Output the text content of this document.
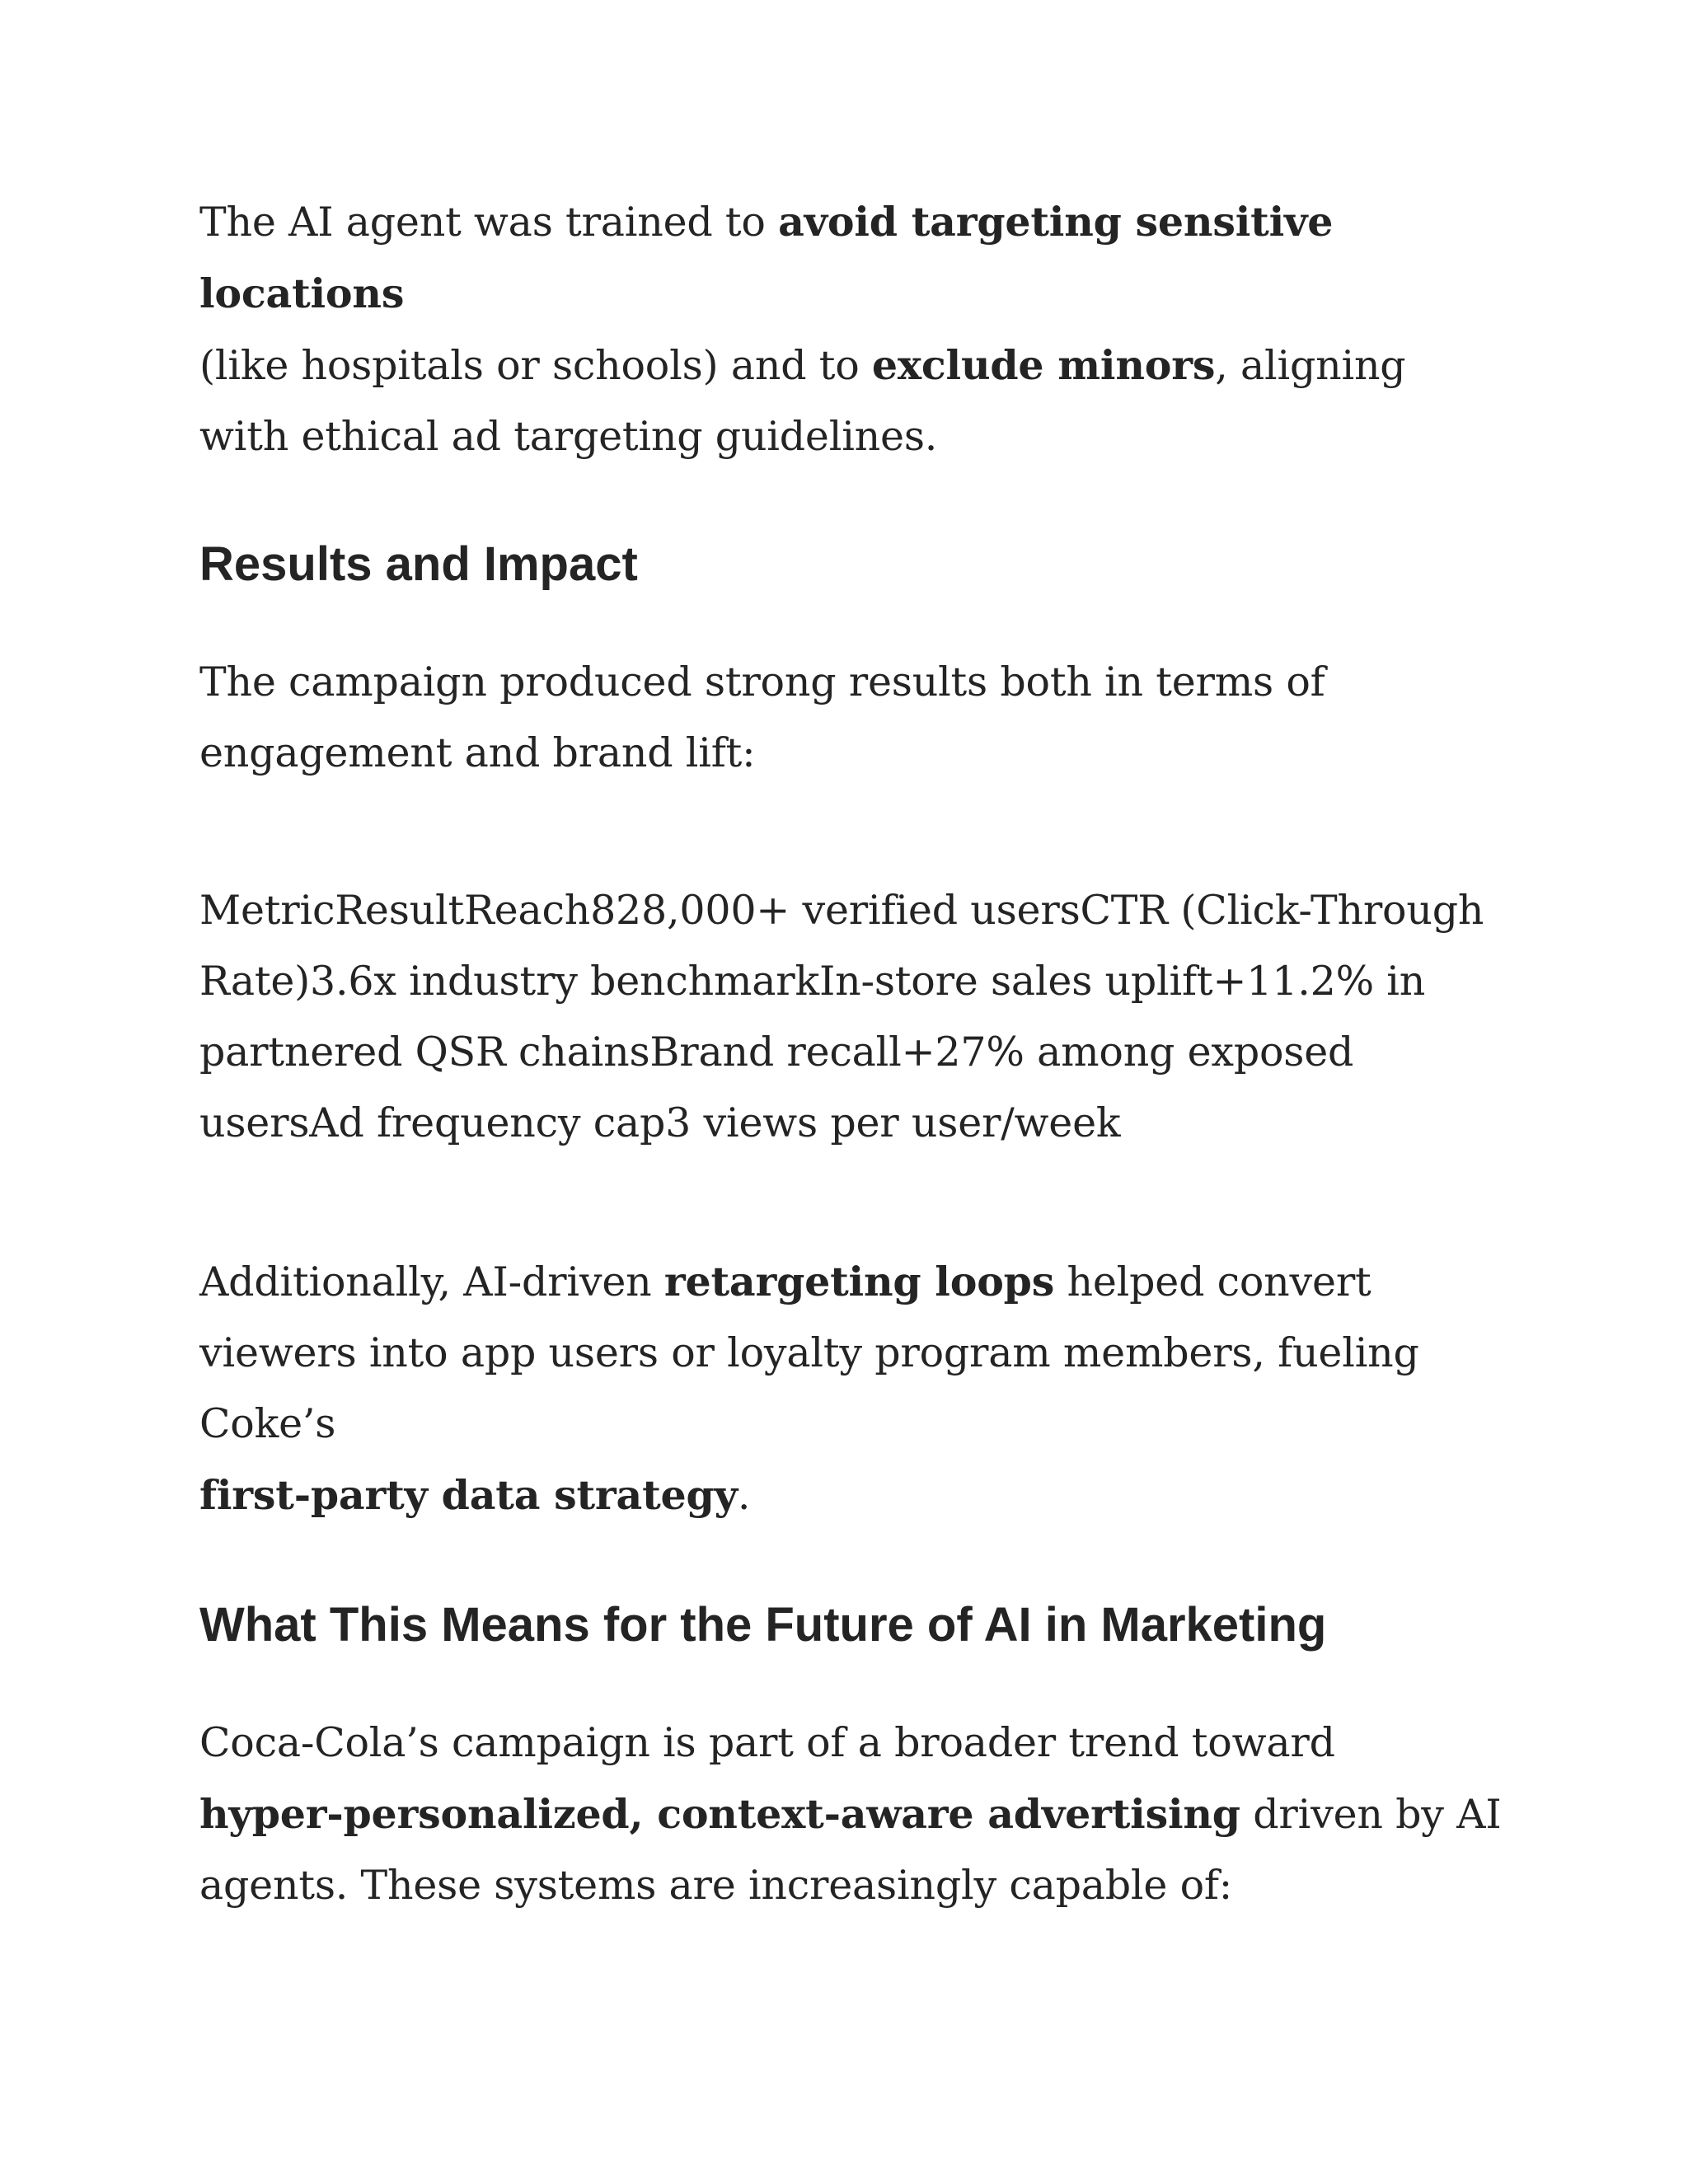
The AI agent was trained to avoid targeting sensitive locations
(like hospitals or schools) and to exclude minors, aligning with ethical ad targeting guidelines.

Results and Impact

The campaign produced strong results both in terms of engagement and brand lift:

MetricResultReach828,000+ verified usersCTR (Click-Through Rate)3.6x industry benchmarkIn-store sales uplift+11.2% in partnered QSR chainsBrand recall+27% among exposed usersAd frequency cap3 views per user/week

Additionally, AI-driven retargeting loops helped convert viewers into app users or loyalty program members, fueling Coke’s
first-party data strategy.

What This Means for the Future of AI in Marketing

Coca-Cola’s campaign is part of a broader trend toward
hyper-personalized, context-aware advertising driven by AI agents. These systems are increasingly capable of:
